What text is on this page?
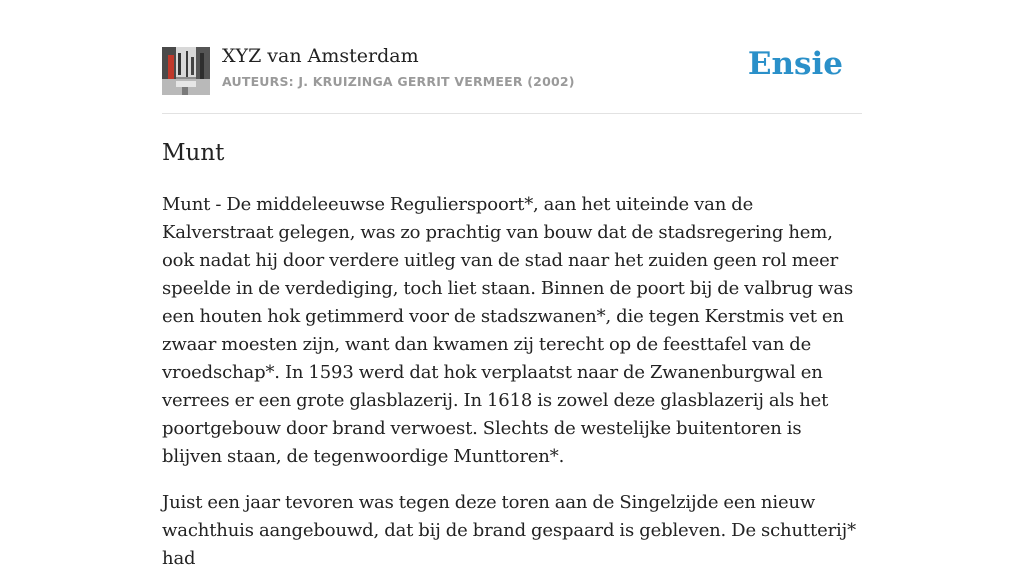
XYZ van Amsterdam
AUTEURS: J. KRUIZINGA GERRIT VERMEER (2002)	Ensie
Munt

Munt - De middeleeuwse Regulierspoort*, aan het uiteinde van de Kalverstraat gelegen, was zo prachtig van bouw dat de stadsregering hem, ook nadat hij door verdere uitleg van de stad naar het zuiden geen rol meer speelde in de verdediging, toch liet staan. Binnen de poort bij de valbrug was een houten hok getimmerd voor de stadszwanen*, die tegen Kerstmis vet en zwaar moesten zijn, want dan kwamen zij terecht op de feesttafel van de vroedschap*. In 1593 werd dat hok verplaatst naar de Zwanenburgwal en verrees er een grote glasblazerij. In 1618 is zowel deze glasblazerij als het poortgebouw door brand verwoest. Slechts de westelijke buitentoren is blijven staan, de tegenwoordige Munttoren*.

Juist een jaar tevoren was tegen deze toren aan de Singelzijde een nieuw wachthuis aangebouwd, dat bij de brand gespaard is gebleven. De schutterij* had
